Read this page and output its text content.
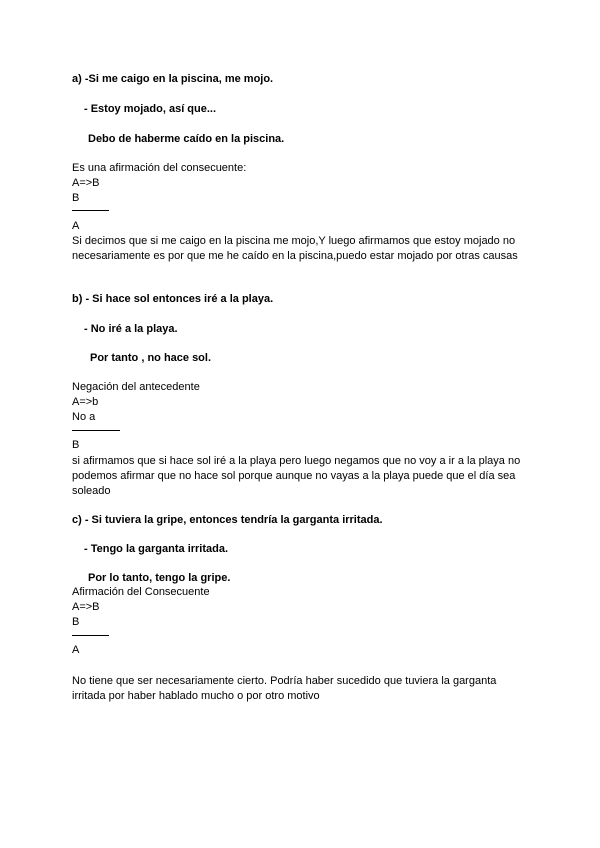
a) -Si me caigo en la piscina, me mojo.
- Estoy mojado, así que...
Debo de haberme caído en la piscina.
Es una afirmación del consecuente:
A=>B
B
A
Si decimos que si me caigo en la piscina me mojo,Y luego afirmamos que estoy mojado no
necesariamente es por que me he caído en la piscina,puedo estar mojado por otras causas
b) - Si hace sol entonces iré a la playa.
- No iré a la playa.
Por tanto , no hace sol.
Negación del antecedente
A=>b
No a
B
si afirmamos que si hace sol iré a la playa pero luego negamos que no voy a ir a la playa no
podemos afirmar que no hace sol porque aunque no vayas a la playa puede que el día sea
soleado
c) - Si tuviera la gripe, entonces tendría la garganta irritada.
- Tengo la garganta irritada.
Por lo tanto, tengo la gripe.
Afirmación del Consecuente
A=>B
B
A
No tiene que ser necesariamente cierto. Podría haber sucedido que tuviera la garganta
irritada por haber hablado mucho o por otro motivo
